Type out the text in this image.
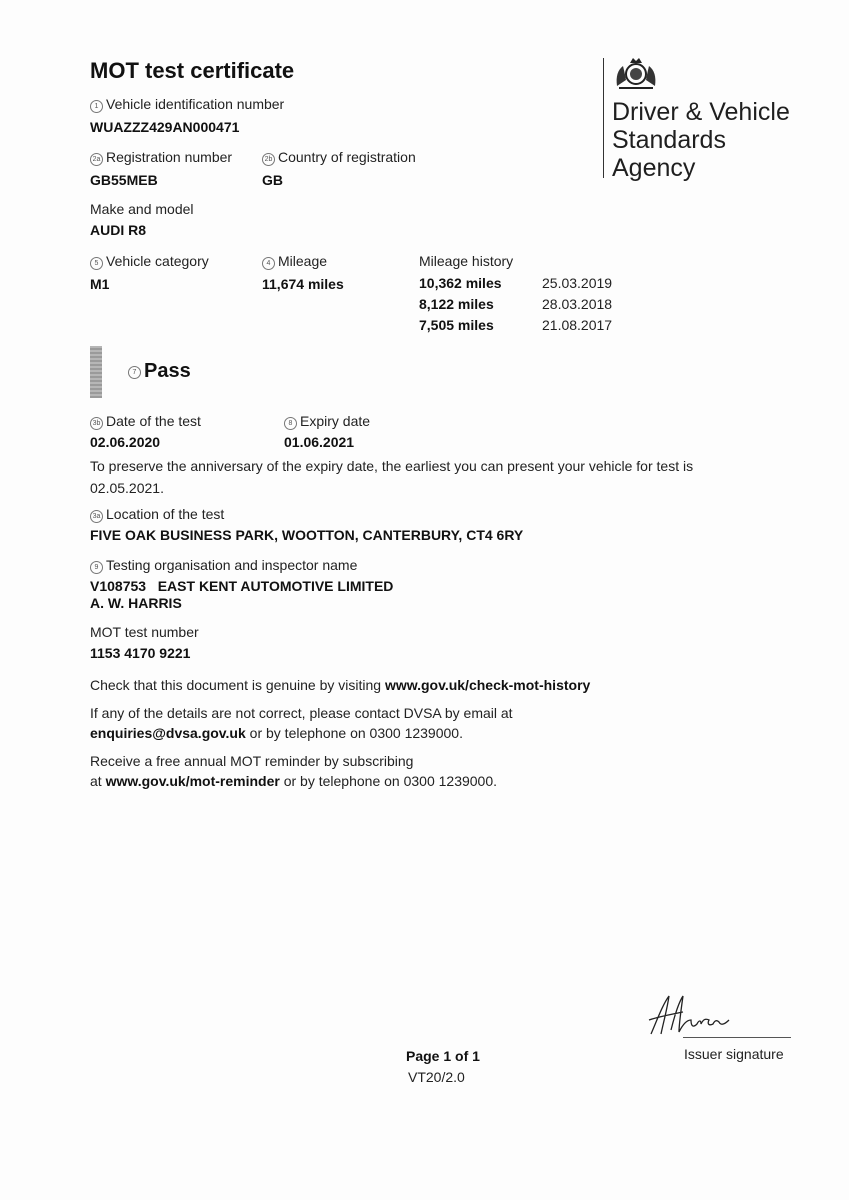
MOT test certificate
Driver & Vehicle
Standards
Agency
1 Vehicle identification number
WUAZZZ429AN000471
2a Registration number
GB55MEB
2b Country of registration
GB
Make and model
AUDI R8
5 Vehicle category
M1
4 Mileage
11,674 miles
Mileage history
10,362 miles	25.03.2019
8,122 miles	28.03.2018
7,505 miles	21.08.2017
7 Pass
3b Date of the test
02.06.2020
8 Expiry date
01.06.2021
To preserve the anniversary of the expiry date, the earliest you can present your vehicle for test is
02.05.2021.
3a Location of the test
FIVE OAK BUSINESS PARK, WOOTTON, CANTERBURY, CT4 6RY
9 Testing organisation and inspector name
V108753   EAST KENT AUTOMOTIVE LIMITED
A. W. HARRIS
MOT test number
1153 4170 9221
Check that this document is genuine by visiting www.gov.uk/check-mot-history
If any of the details are not correct, please contact DVSA by email at
enquiries@dvsa.gov.uk or by telephone on 0300 1239000.
Receive a free annual MOT reminder by subscribing
at www.gov.uk/mot-reminder or by telephone on 0300 1239000.
Issuer signature
Page 1 of 1
VT20/2.0
